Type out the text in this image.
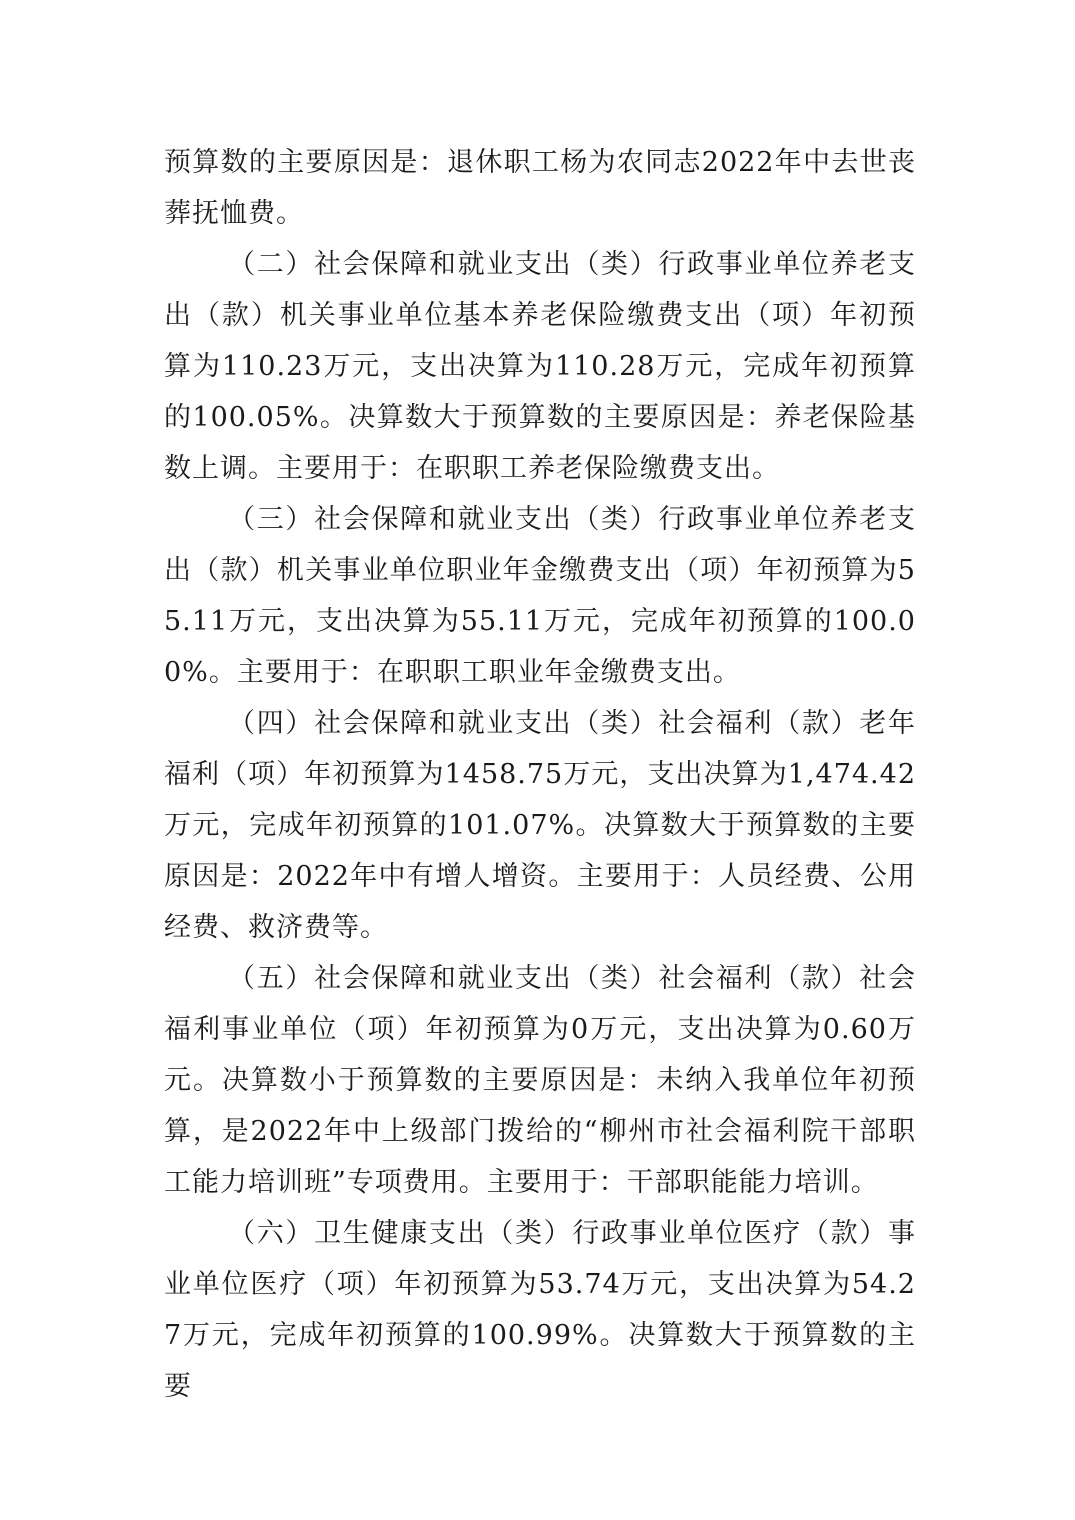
预算数的主要原因是：退休职工杨为农同志2022年中去世丧葬抚恤费。

（二）社会保障和就业支出（类）行政事业单位养老支出（款）机关事业单位基本养老保险缴费支出（项）年初预算为110.23万元，支出决算为110.28万元，完成年初预算的100.05%。决算数大于预算数的主要原因是：养老保险基数上调。主要用于：在职职工养老保险缴费支出。

（三）社会保障和就业支出（类）行政事业单位养老支出（款）机关事业单位职业年金缴费支出（项）年初预算为55.11万元，支出决算为55.11万元，完成年初预算的100.00%。主要用于：在职职工职业年金缴费支出。

（四）社会保障和就业支出（类）社会福利（款）老年福利（项）年初预算为1458.75万元，支出决算为1,474.42万元，完成年初预算的101.07%。决算数大于预算数的主要原因是：2022年中有增人增资。主要用于：人员经费、公用经费、救济费等。

（五）社会保障和就业支出（类）社会福利（款）社会福利事业单位（项）年初预算为0万元，支出决算为0.60万元。决算数小于预算数的主要原因是：未纳入我单位年初预算，是2022年中上级部门拨给的“柳州市社会福利院干部职工能力培训班”专项费用。主要用于：干部职能能力培训。

（六）卫生健康支出（类）行政事业单位医疗（款）事业单位医疗（项）年初预算为53.74万元，支出决算为54.27万元，完成年初预算的100.99%。决算数大于预算数的主要
